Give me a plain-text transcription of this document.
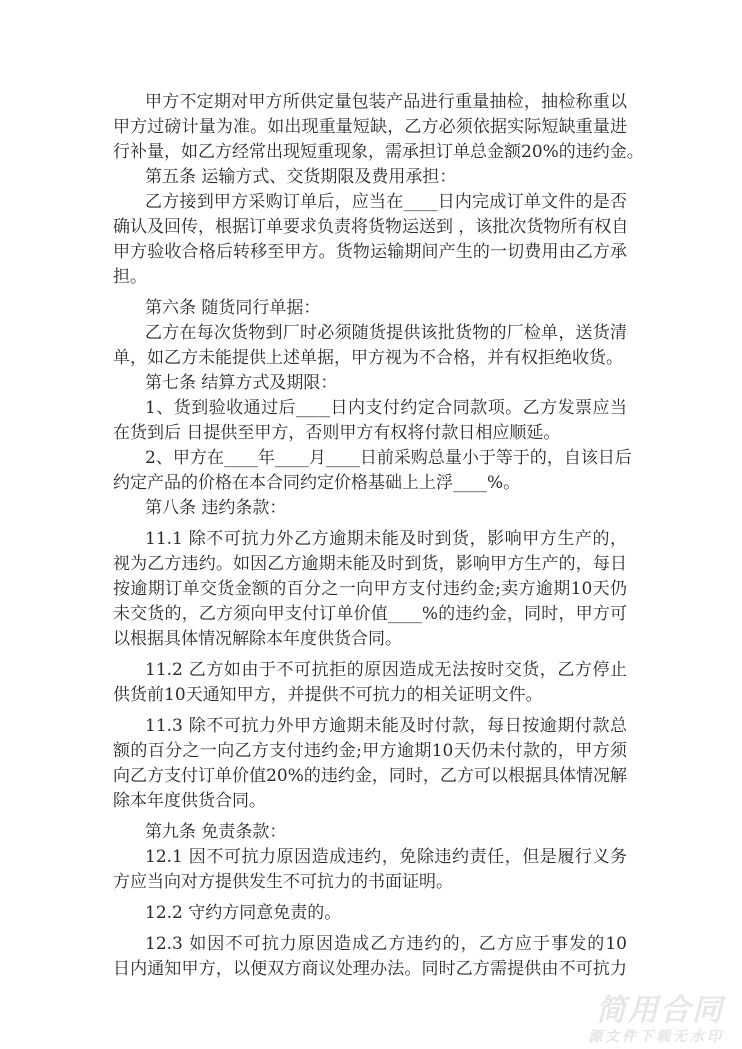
甲方不定期对甲方所供定量包装产品进行重量抽检，抽检称重以
甲方过磅计量为准。如出现重量短缺，乙方必须依据实际短缺重量进
行补量，如乙方经常出现短重现象，需承担订单总金额20%的违约金。
第五条 运输方式、交货期限及费用承担：
乙方接到甲方采购订单后，应当在____日内完成订单文件的是否
确认及回传，根据订单要求负责将货物运送到 ，该批次货物所有权自
甲方验收合格后转移至甲方。货物运输期间产生的一切费用由乙方承
担。
第六条 随货同行单据：
乙方在每次货物到厂时必须随货提供该批货物的厂检单，送货清
单，如乙方未能提供上述单据，甲方视为不合格，并有权拒绝收货。
第七条 结算方式及期限：
1、货到验收通过后____日内支付约定合同款项。乙方发票应当
在货到后 日提供至甲方，否则甲方有权将付款日相应顺延。
2、甲方在____年____月____日前采购总量小于等于的，自该日后
约定产品的价格在本合同约定价格基础上上浮____%。
第八条 违约条款：
11.1 除不可抗力外乙方逾期未能及时到货，影响甲方生产的，
视为乙方违约。如因乙方逾期未能及时到货，影响甲方生产的，每日
按逾期订单交货金额的百分之一向甲方支付违约金;卖方逾期10天仍
未交货的，乙方须向甲支付订单价值____%的违约金，同时，甲方可
以根据具体情况解除本年度供货合同。
11.2 乙方如由于不可抗拒的原因造成无法按时交货，乙方停止
供货前10天通知甲方，并提供不可抗力的相关证明文件。
11.3 除不可抗力外甲方逾期未能及时付款，每日按逾期付款总
额的百分之一向乙方支付违约金;甲方逾期10天仍未付款的，甲方须
向乙方支付订单价值20%的违约金，同时，乙方可以根据具体情况解
除本年度供货合同。
第九条 免责条款：
12.1 因不可抗力原因造成违约，免除违约责任，但是履行义务
方应当向对方提供发生不可抗力的书面证明。
12.2 守约方同意免责的。
12.3 如因不可抗力原因造成乙方违约的，乙方应于事发的10
日内通知甲方，以便双方商议处理办法。同时乙方需提供由不可抗力
简用合同
源文件下载无水印
